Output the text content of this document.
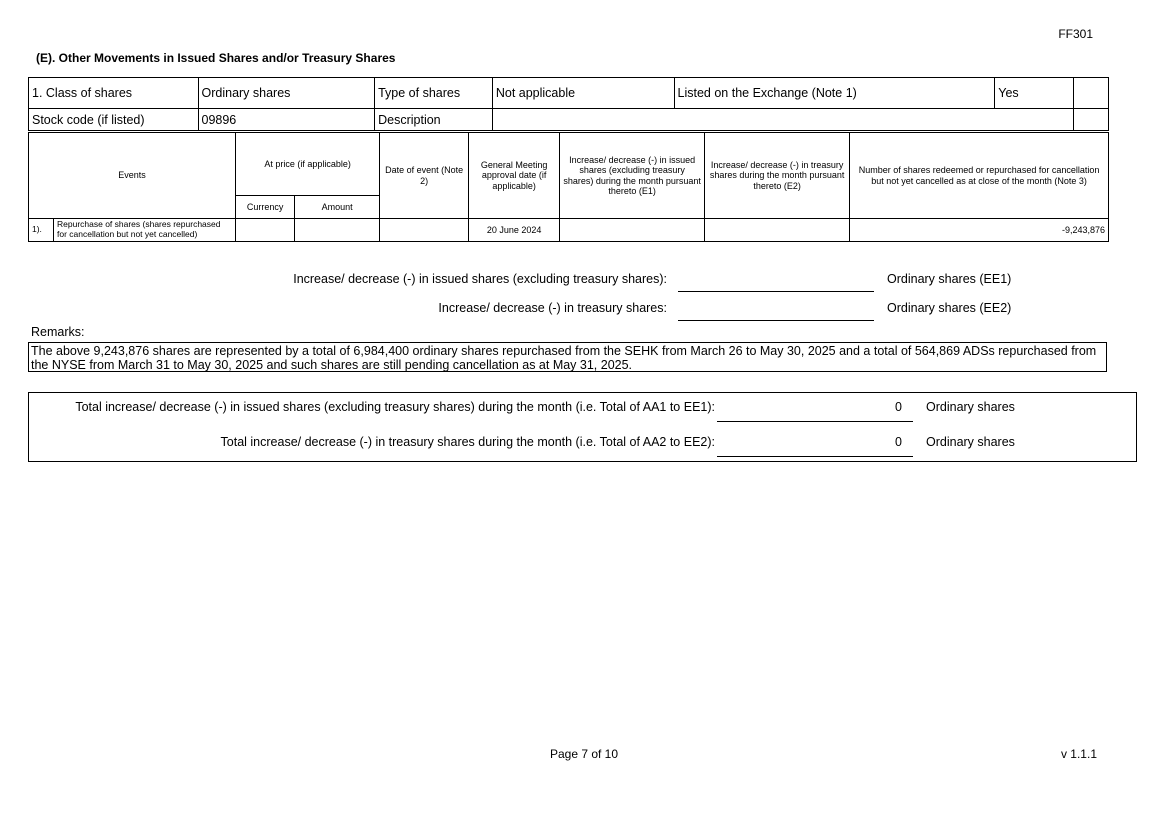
FF301
(E). Other Movements in Issued Shares and/or Treasury Shares
1. Class of shares	Ordinary shares	Type of shares	Not applicable	Listed on the Exchange (Note 1)	Yes	
Stock code (if listed)	09896	Description				
Events		At price (if applicable)		Date of event (Note 2)	General Meeting approval date (if applicable)	Increase/ decrease (-) in issued shares (excluding treasury shares) during the month pursuant thereto (E1)	Increase/ decrease (-) in treasury shares during the month pursuant thereto (E2)	Number of shares redeemed or repurchased for cancellation but not yet cancelled as at close of the month (Note 3)
		Currency	Amount					
1).	Repurchase of shares (shares repurchased for cancellation but not yet cancelled)				20 June 2024			-9,243,876
Increase/ decrease (-) in issued shares (excluding treasury shares):	Ordinary shares (EE1)
Increase/ decrease (-) in treasury shares:	Ordinary shares (EE2)
Remarks:
The above 9,243,876 shares are represented by a total of 6,984,400 ordinary shares repurchased from the SEHK from March 26 to May 30, 2025 and a total of 564,869 ADSs repurchased from the NYSE from March 31 to May 30, 2025 and such shares are still pending cancellation as at May 31, 2025.
Total increase/ decrease (-) in issued shares (excluding treasury shares) during the month (i.e. Total of AA1 to EE1):	0 Ordinary shares
Total increase/ decrease (-) in treasury shares during the month (i.e. Total of AA2 to EE2):	0 Ordinary shares
Page 7 of 10	v 1.1.1
